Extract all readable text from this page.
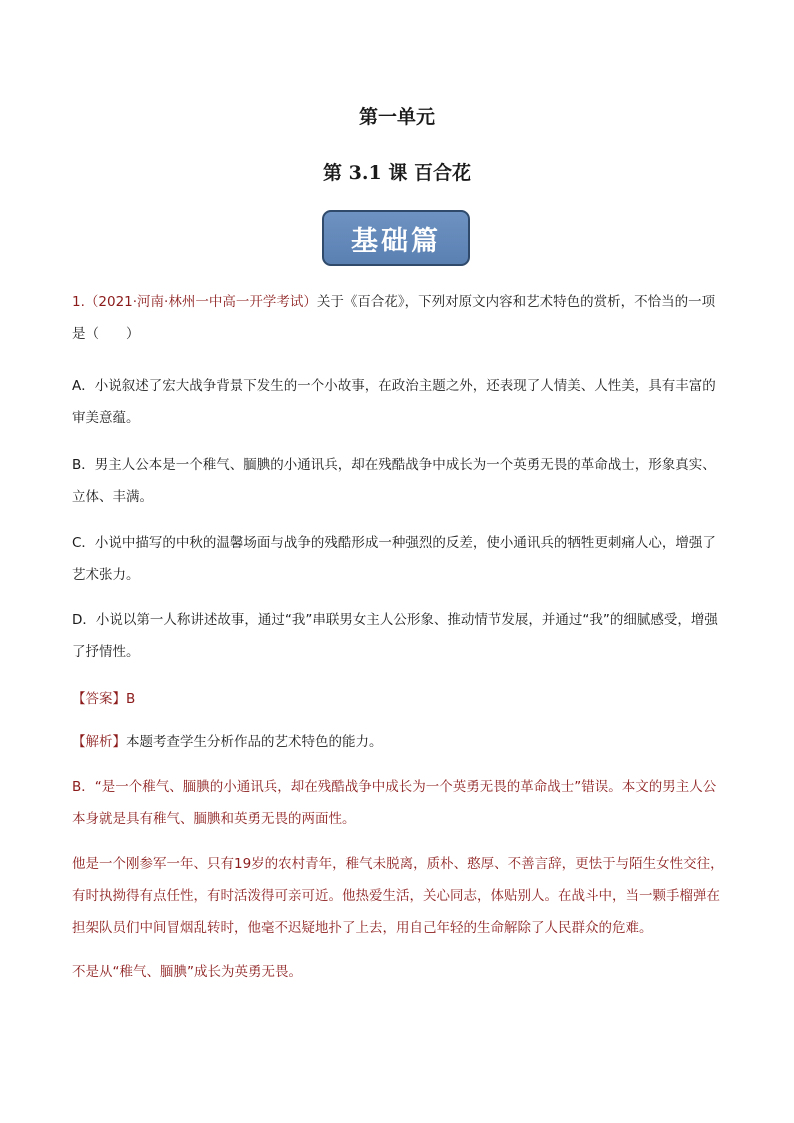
第一单元
第 3.1 课 百合花
基础篇

1.（2021·河南·林州一中高一开学考试）关于《百合花》，下列对原文内容和艺术特色的赏析，不恰当的一项是（　　）

A．小说叙述了宏大战争背景下发生的一个小故事，在政治主题之外，还表现了人情美、人性美，具有丰富的审美意蕴。

B．男主人公本是一个稚气、腼腆的小通讯兵，却在残酷战争中成长为一个英勇无畏的革命战士，形象真实、立体、丰满。

C．小说中描写的中秋的温馨场面与战争的残酷形成一种强烈的反差，使小通讯兵的牺牲更刺痛人心，增强了艺术张力。

D．小说以第一人称讲述故事，通过“我”串联男女主人公形象、推动情节发展，并通过“我”的细腻感受，增强了抒情性。

【答案】B

【解析】本题考查学生分析作品的艺术特色的能力。

B．“是一个稚气、腼腆的小通讯兵，却在残酷战争中成长为一个英勇无畏的革命战士”错误。本文的男主人公本身就是具有稚气、腼腆和英勇无畏的两面性。

他是一个刚参军一年、只有19岁的农村青年，稚气未脱离，质朴、憨厚、不善言辞，更怯于与陌生女性交往，有时执拗得有点任性，有时活泼得可亲可近。他热爱生活，关心同志，体贴别人。在战斗中，当一颗手榴弹在担架队员们中间冒烟乱转时，他毫不迟疑地扑了上去，用自己年轻的生命解除了人民群众的危难。

不是从“稚气、腼腆”成长为英勇无畏。
